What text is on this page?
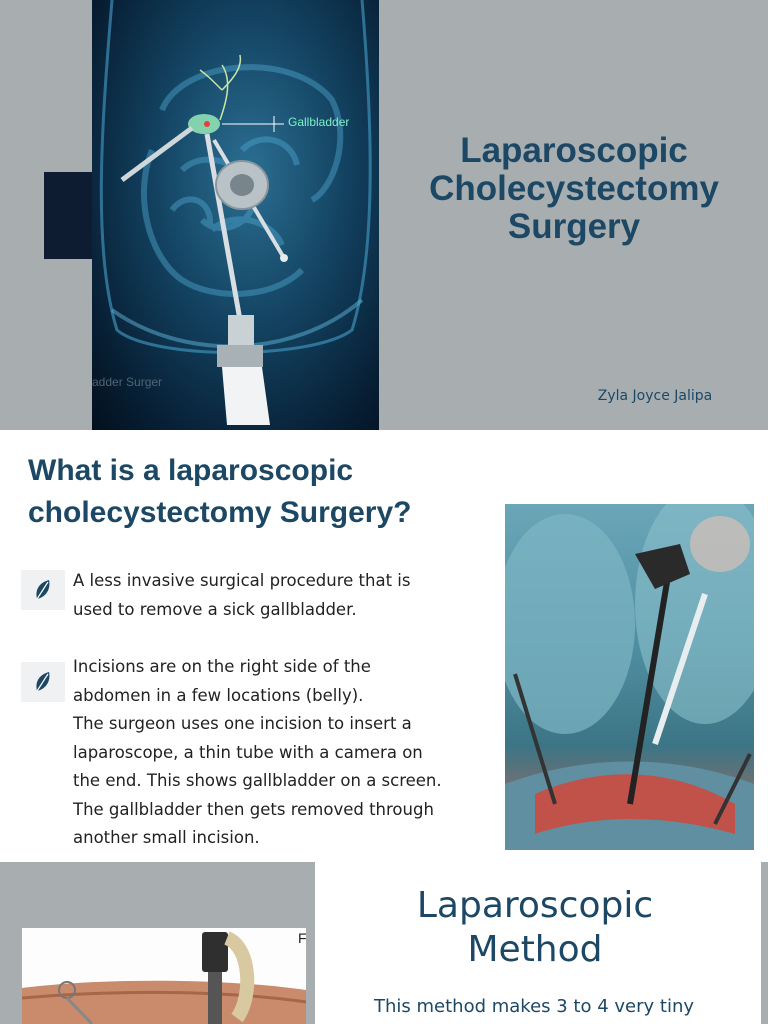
Gallbladder
adder Surger
Laparoscopic
Cholecystectomy
Surgery
Zyla Joyce Jalipa
What is a laparoscopic
cholecystectomy Surgery?
A less invasive surgical procedure that is
used to remove a sick gallbladder.
Incisions are on the right side of the
abdomen in a few locations (belly).
The surgeon uses one incision to insert a
laparoscope, a thin tube with a camera on
the end. This shows gallbladder on a screen.
The gallbladder then gets removed through
another small incision.
Laparoscopic
Method
This method makes 3 to 4 very tiny
F
